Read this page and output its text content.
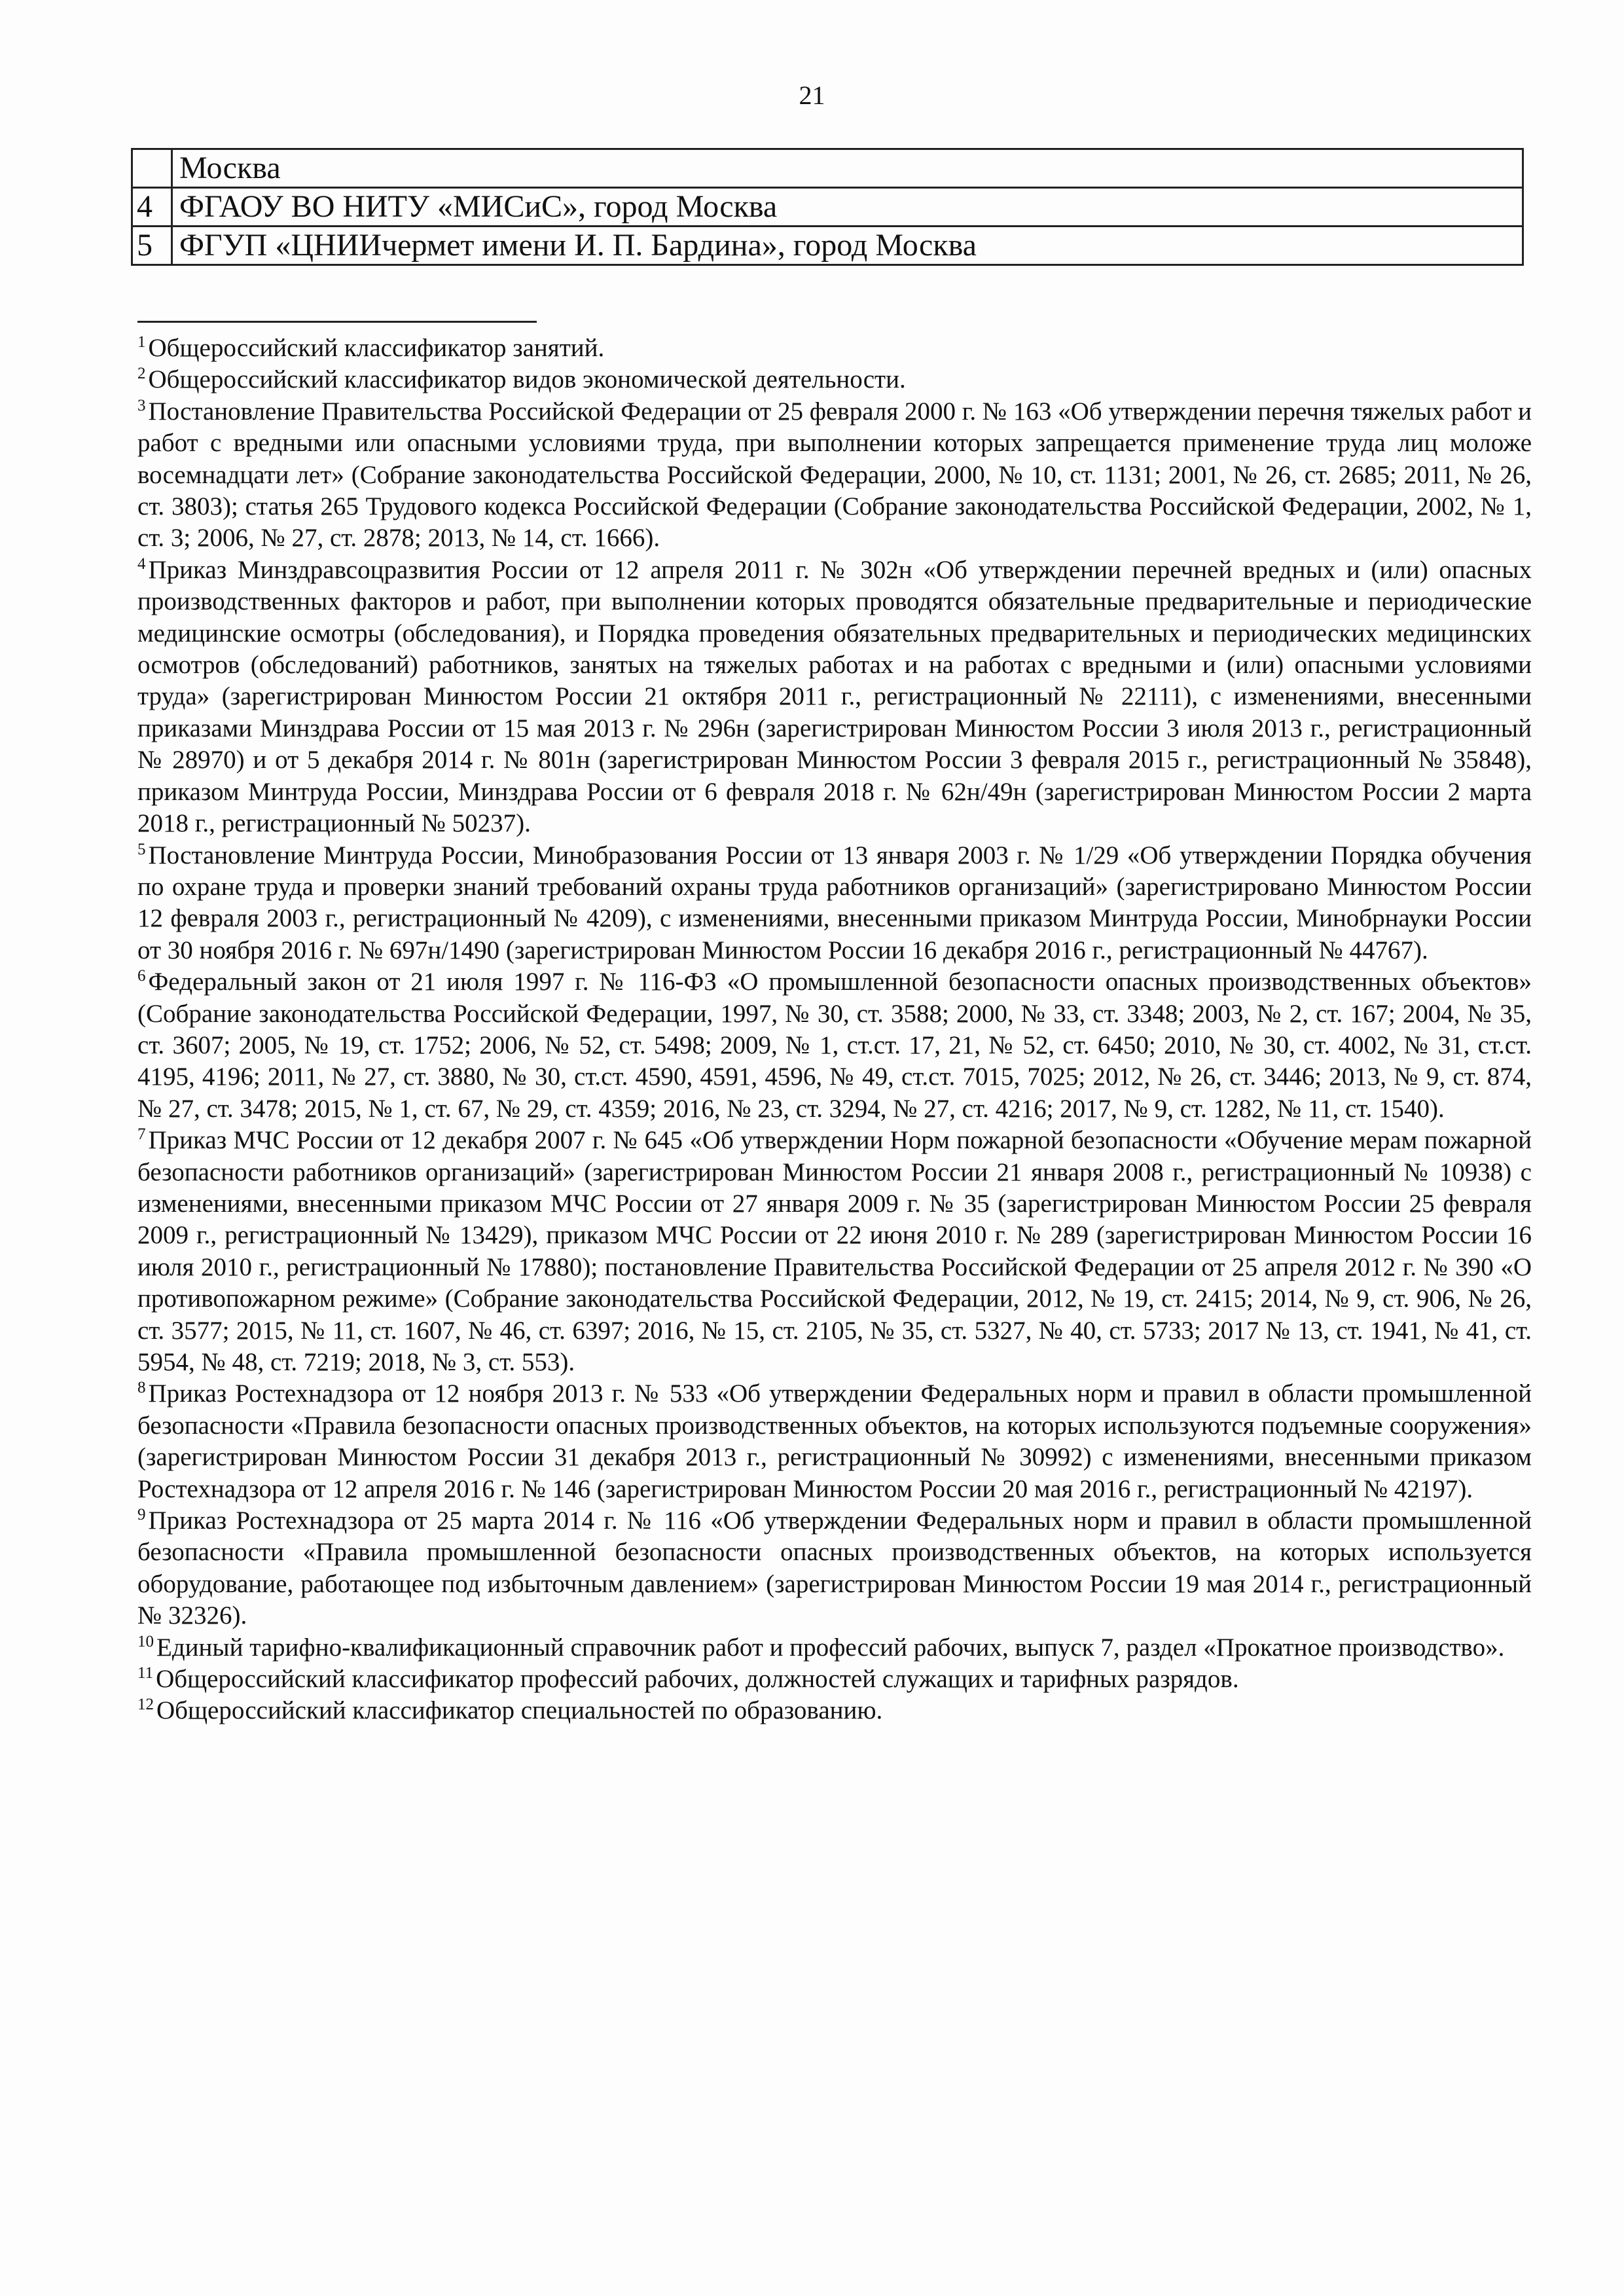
21
	Москва
4	ФГАОУ ВО НИТУ «МИСиС», город Москва
5	ФГУП «ЦНИИчермет имени И. П. Бардина», город Москва

$^1$ Общероссийский классификатор занятий.

$^2$ Общероссийский классификатор видов экономической деятельности.

$^3$ Постановление Правительства Российской Федерации от 25 февраля 2000 г. № 163 «Об утверждении перечня тяжелых работ и работ с вредными или опасными условиями труда, при выполнении которых запрещается применение труда лиц моложе восемнадцати лет» (Собрание законодательства Российской Федерации, 2000, № 10, ст. 1131; 2001, № 26, ст. 2685; 2011, № 26, ст. 3803); статья 265 Трудового кодекса Российской Федерации (Собрание законодательства Российской Федерации, 2002, № 1, ст. 3; 2006, № 27, ст. 2878; 2013, № 14, ст. 1666).

$^4$ Приказ Минздравсоцразвития России от 12 апреля 2011 г. № 302н «Об утверждении перечней вредных и (или) опасных производственных факторов и работ, при выполнении которых проводятся обязательные предварительные и периодические медицинские осмотры (обследования), и Порядка проведения обязательных предварительных и периодических медицинских осмотров (обследований) работников, занятых на тяжелых работах и на работах с вредными и (или) опасными условиями труда» (зарегистрирован Минюстом России 21 октября 2011 г., регистрационный № 22111), с изменениями, внесенными приказами Минздрава России от 15 мая 2013 г. № 296н (зарегистрирован Минюстом России 3 июля 2013 г., регистрационный № 28970) и от 5 декабря 2014 г. № 801н (зарегистрирован Минюстом России 3 февраля 2015 г., регистрационный № 35848), приказом Минтруда России, Минздрава России от 6 февраля 2018 г. № 62н/49н (зарегистрирован Минюстом России 2 марта 2018 г., регистрационный № 50237).

$^5$ Постановление Минтруда России, Минобразования России от 13 января 2003 г. № 1/29 «Об утверждении Порядка обучения по охране труда и проверки знаний требований охраны труда работников организаций» (зарегистрировано Минюстом России 12 февраля 2003 г., регистрационный № 4209), с изменениями, внесенными приказом Минтруда России, Минобрнауки России от 30 ноября 2016 г. № 697н/1490 (зарегистрирован Минюстом России 16 декабря 2016 г., регистрационный № 44767).

$^6$ Федеральный закон от 21 июля 1997 г. № 116-ФЗ «О промышленной безопасности опасных производственных объектов» (Собрание законодательства Российской Федерации, 1997, № 30, ст. 3588; 2000, № 33, ст. 3348; 2003, № 2, ст. 167; 2004, № 35, ст. 3607; 2005, № 19, ст. 1752; 2006, № 52, ст. 5498; 2009, № 1, ст.ст. 17, 21, № 52, ст. 6450; 2010, № 30, ст. 4002, № 31, ст.ст. 4195, 4196; 2011, № 27, ст. 3880, № 30, ст.ст. 4590, 4591, 4596, № 49, ст.ст. 7015, 7025; 2012, № 26, ст. 3446; 2013, № 9, ст. 874, № 27, ст. 3478; 2015, № 1, ст. 67, № 29, ст. 4359; 2016, № 23, ст. 3294, № 27, ст. 4216; 2017, № 9, ст. 1282, № 11, ст. 1540).

$^7$ Приказ МЧС России от 12 декабря 2007 г. № 645 «Об утверждении Норм пожарной безопасности «Обучение мерам пожарной безопасности работников организаций» (зарегистрирован Минюстом России 21 января 2008 г., регистрационный № 10938) с изменениями, внесенными приказом МЧС России от 27 января 2009 г. № 35 (зарегистрирован Минюстом России 25 февраля 2009 г., регистрационный № 13429), приказом МЧС России от 22 июня 2010 г. № 289 (зарегистрирован Минюстом России 16 июля 2010 г., регистрационный № 17880); постановление Правительства Российской Федерации от 25 апреля 2012 г. № 390 «О противопожарном режиме» (Собрание законодательства Российской Федерации, 2012, № 19, ст. 2415; 2014, № 9, ст. 906, № 26, ст. 3577; 2015, № 11, ст. 1607, № 46, ст. 6397; 2016, № 15, ст. 2105, № 35, ст. 5327, № 40, ст. 5733; 2017 № 13, ст. 1941, № 41, ст. 5954, № 48, ст. 7219; 2018, № 3, ст. 553).

$^8$ Приказ Ростехнадзора от 12 ноября 2013 г. № 533 «Об утверждении Федеральных норм и правил в области промышленной безопасности «Правила безопасности опасных производственных объектов, на которых используются подъемные сооружения» (зарегистрирован Минюстом России 31 декабря 2013 г., регистрационный № 30992) с изменениями, внесенными приказом Ростехнадзора от 12 апреля 2016 г. № 146 (зарегистрирован Минюстом России 20 мая 2016 г., регистрационный № 42197).

$^9$ Приказ Ростехнадзора от 25 марта 2014 г. № 116 «Об утверждении Федеральных норм и правил в области промышленной безопасности «Правила промышленной безопасности опасных производственных объектов, на которых используется оборудование, работающее под избыточным давлением» (зарегистрирован Минюстом России 19 мая 2014 г., регистрационный № 32326).

$^{10}$ Единый тарифно-квалификационный справочник работ и профессий рабочих, выпуск 7, раздел «Прокатное производство».

$^{11}$ Общероссийский классификатор профессий рабочих, должностей служащих и тарифных разрядов.

$^{12}$ Общероссийский классификатор специальностей по образованию.
